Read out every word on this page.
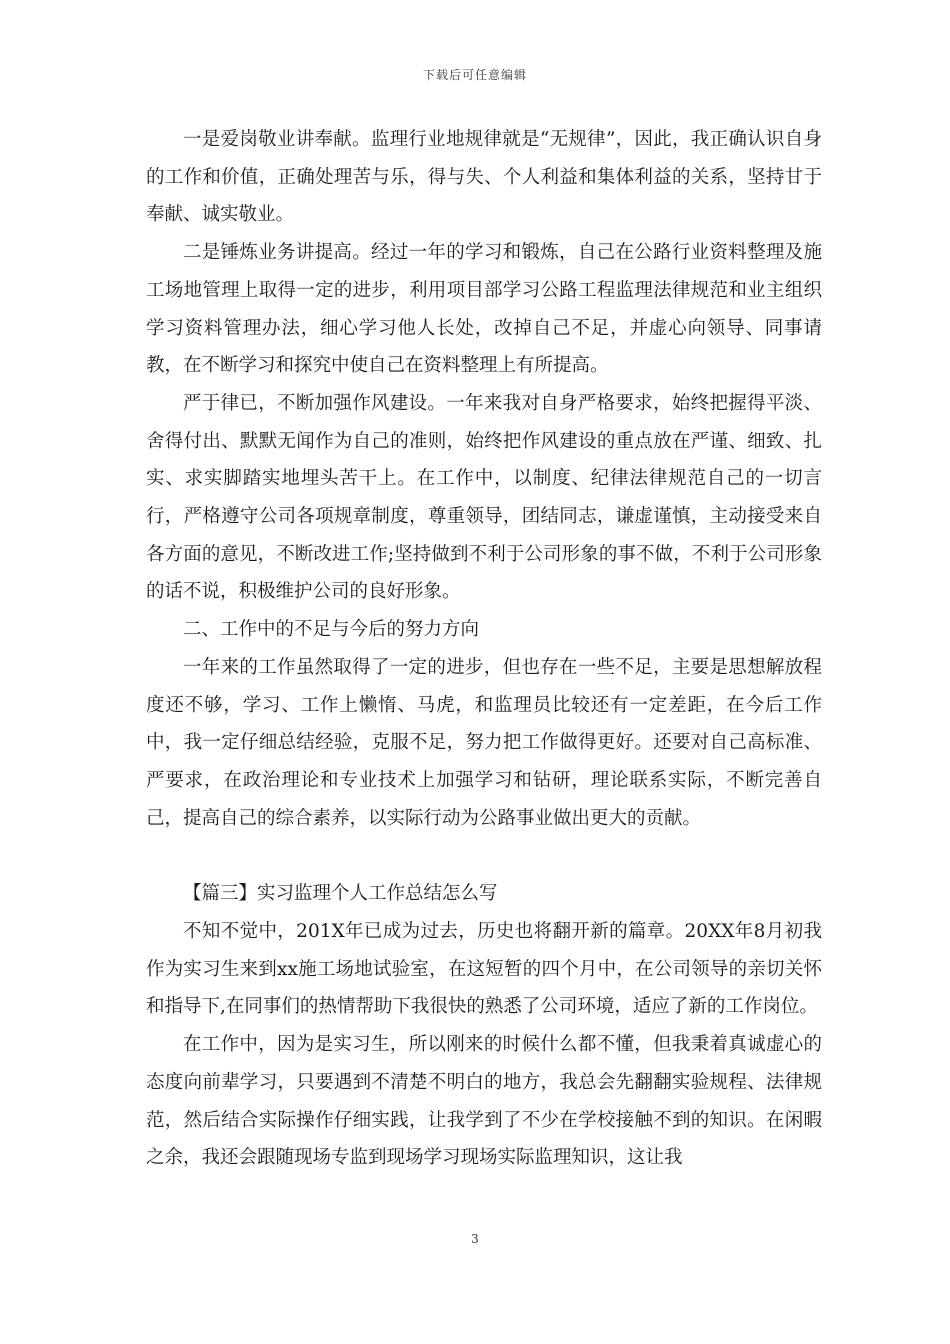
下载后可任意编辑

一是爱岗敬业讲奉献。监理行业地规律就是“无规律”，因此，我正确认识自身的工作和价值，正确处理苦与乐，得与失、个人利益和集体利益的关系，坚持甘于奉献、诚实敬业。

二是锤炼业务讲提高。经过一年的学习和锻炼，自己在公路行业资料整理及施工场地管理上取得一定的进步，利用项目部学习公路工程监理法律规范和业主组织学习资料管理办法，细心学习他人长处，改掉自己不足，并虚心向领导、同事请教，在不断学习和探究中使自己在资料整理上有所提高。

严于律已，不断加强作风建设。一年来我对自身严格要求，始终把握得平淡、舍得付出、默默无闻作为自己的准则，始终把作风建设的重点放在严谨、细致、扎实、求实脚踏实地埋头苦干上。在工作中，以制度、纪律法律规范自己的一切言行，严格遵守公司各项规章制度，尊重领导，团结同志，谦虚谨慎，主动接受来自各方面的意见，不断改进工作;坚持做到不利于公司形象的事不做，不利于公司形象的话不说，积极维护公司的良好形象。

二、工作中的不足与今后的努力方向

一年来的工作虽然取得了一定的进步，但也存在一些不足，主要是思想解放程度还不够，学习、工作上懒惰、马虎，和监理员比较还有一定差距，在今后工作中，我一定仔细总结经验，克服不足，努力把工作做得更好。还要对自己高标准、严要求，在政治理论和专业技术上加强学习和钻研，理论联系实际，不断完善自己，提高自己的综合素养，以实际行动为公路事业做出更大的贡献。

【篇三】实习监理个人工作总结怎么写

不知不觉中，201X年已成为过去，历史也将翻开新的篇章。20XX年8月初我作为实习生来到xx施工场地试验室，在这短暂的四个月中，在公司领导的亲切关怀和指导下,在同事们的热情帮助下我很快的熟悉了公司环境，适应了新的工作岗位。

在工作中，因为是实习生，所以刚来的时候什么都不懂，但我秉着真诚虚心的态度向前辈学习，只要遇到不清楚不明白的地方，我总会先翻翻实验规程、法律规范，然后结合实际操作仔细实践，让我学到了不少在学校接触不到的知识。在闲暇之余，我还会跟随现场专监到现场学习现场实际监理知识，这让我

3
